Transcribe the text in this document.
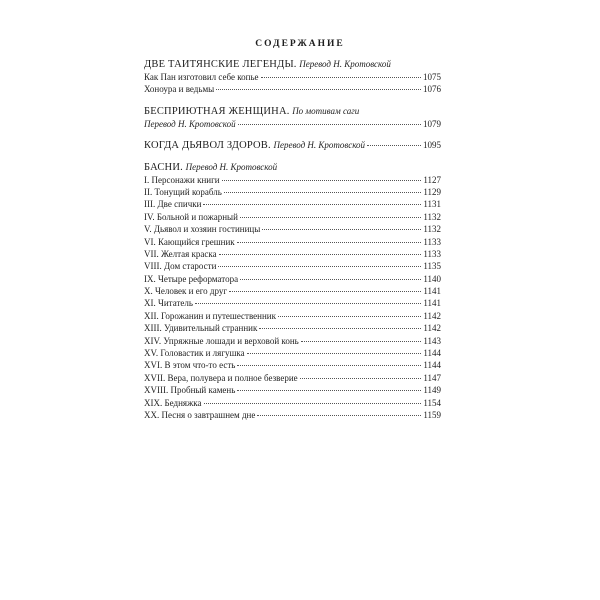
СОДЕРЖАНИЕ
ДВЕ ТАИТЯНСКИЕ ЛЕГЕНДЫ. Перевод Н. Кротовской
Как Пан изготовил себе копье	1075
Хоноура и ведьмы	1076
БЕСПРИЮТНАЯ ЖЕНЩИНА. По мотивам саги
Перевод Н. Кротовской	1079
КОГДА ДЬЯВОЛ ЗДОРОВ. Перевод Н. Кротовской	1095
БАСНИ. Перевод Н. Кротовской
I. Персонажи книги	1127
II. Тонущий корабль	1129
III. Две спички	1131
IV. Больной и пожарный	1132
V. Дьявол и хозяин гостиницы	1132
VI. Кающийся грешник	1133
VII. Желтая краска	1133
VIII. Дом старости	1135
IX. Четыре реформатора	1140
X. Человек и его друг	1141
XI. Читатель	1141
XII. Горожанин и путешественник	1142
XIII. Удивительный странник	1142
XIV. Упряжные лошади и верховой конь	1143
XV. Головастик и лягушка	1144
XVI. В этом что-то есть	1144
XVII. Вера, полувера и полное безверие	1147
XVIII. Пробный камень	1149
XIX. Бедняжка	1154
XX. Песня о завтрашнем дне	1159
